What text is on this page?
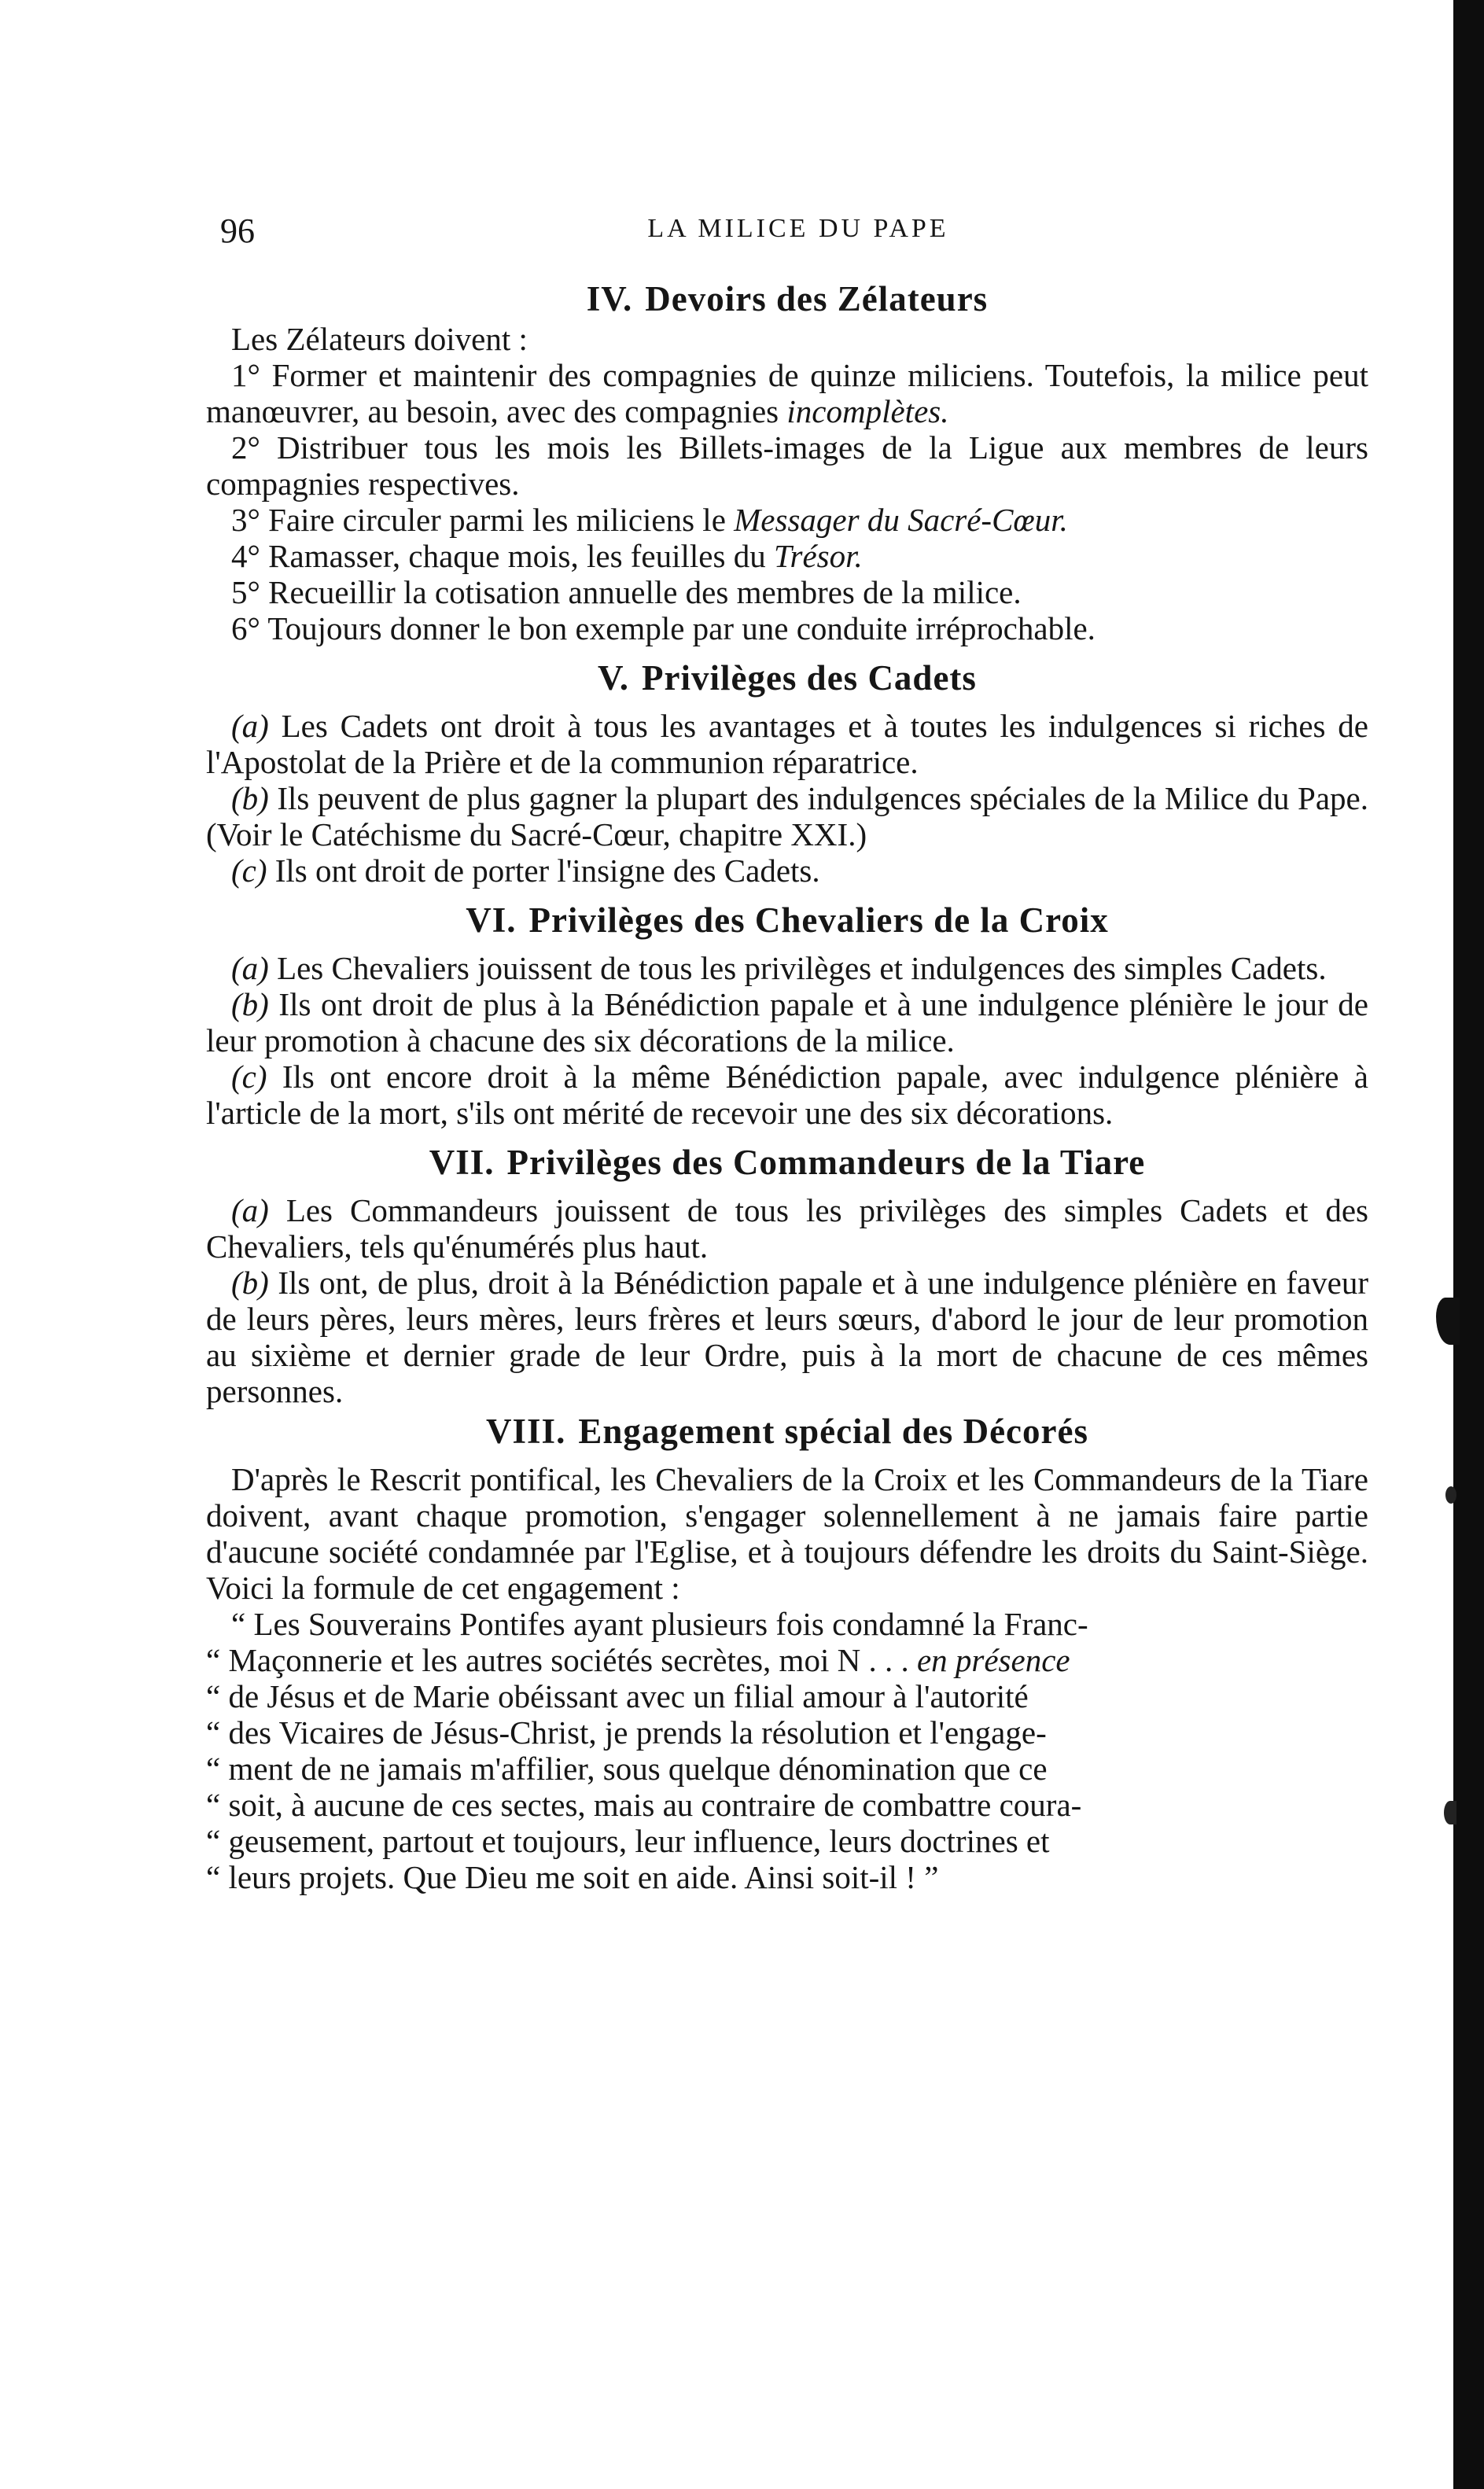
96	LA MILICE DU PAPE
IV. Devoirs des Zélateurs

Les Zélateurs doivent :

1° Former et maintenir des compagnies de quinze miliciens. Toutefois, la milice peut manœuvrer, au besoin, avec des compagnies incomplètes.

2° Distribuer tous les mois les Billets-images de la Ligue aux membres de leurs compagnies respectives.

3° Faire circuler parmi les miliciens le Messager du Sacré-Cœur.

4° Ramasser, chaque mois, les feuilles du Trésor.

5° Recueillir la cotisation annuelle des membres de la milice.

6° Toujours donner le bon exemple par une conduite irréprochable.

V. Privilèges des Cadets

(a) Les Cadets ont droit à tous les avantages et à toutes les indulgences si riches de l'Apostolat de la Prière et de la communion réparatrice.

(b) Ils peuvent de plus gagner la plupart des indulgences spéciales de la Milice du Pape. (Voir le Catéchisme du Sacré-Cœur, chapitre XXI.)

(c) Ils ont droit de porter l'insigne des Cadets.

VI. Privilèges des Chevaliers de la Croix

(a) Les Chevaliers jouissent de tous les privilèges et indulgences des simples Cadets.

(b) Ils ont droit de plus à la Bénédiction papale et à une indulgence plénière le jour de leur promotion à chacune des six décorations de la milice.

(c) Ils ont encore droit à la même Bénédiction papale, avec indulgence plénière à l'article de la mort, s'ils ont mérité de recevoir une des six décorations.

VII. Privilèges des Commandeurs de la Tiare

(a) Les Commandeurs jouissent de tous les privilèges des simples Cadets et des Chevaliers, tels qu'énumérés plus haut.

(b) Ils ont, de plus, droit à la Bénédiction papale et à une indulgence plénière en faveur de leurs pères, leurs mères, leurs frères et leurs sœurs, d'abord le jour de leur promotion au sixième et dernier grade de leur Ordre, puis à la mort de chacune de ces mêmes personnes.

VIII. Engagement spécial des Décorés

D'après le Rescrit pontifical, les Chevaliers de la Croix et les Commandeurs de la Tiare doivent, avant chaque promotion, s'engager solennellement à ne jamais faire partie d'aucune société condamnée par l'Eglise, et à toujours défendre les droits du Saint-Siège. Voici la formule de cet engagement :

“ Les Souverains Pontifes ayant plusieurs fois condamné la Franc-

“ Maçonnerie et les autres sociétés secrètes, moi N . . . en présence

“ de Jésus et de Marie obéissant avec un filial amour à l'autorité

“ des Vicaires de Jésus-Christ, je prends la résolution et l'engage-

“ ment de ne jamais m'affilier, sous quelque dénomination que ce

“ soit, à aucune de ces sectes, mais au contraire de combattre coura-

“ geusement, partout et toujours, leur influence, leurs doctrines et

“ leurs projets. Que Dieu me soit en aide. Ainsi soit-il ! ”
